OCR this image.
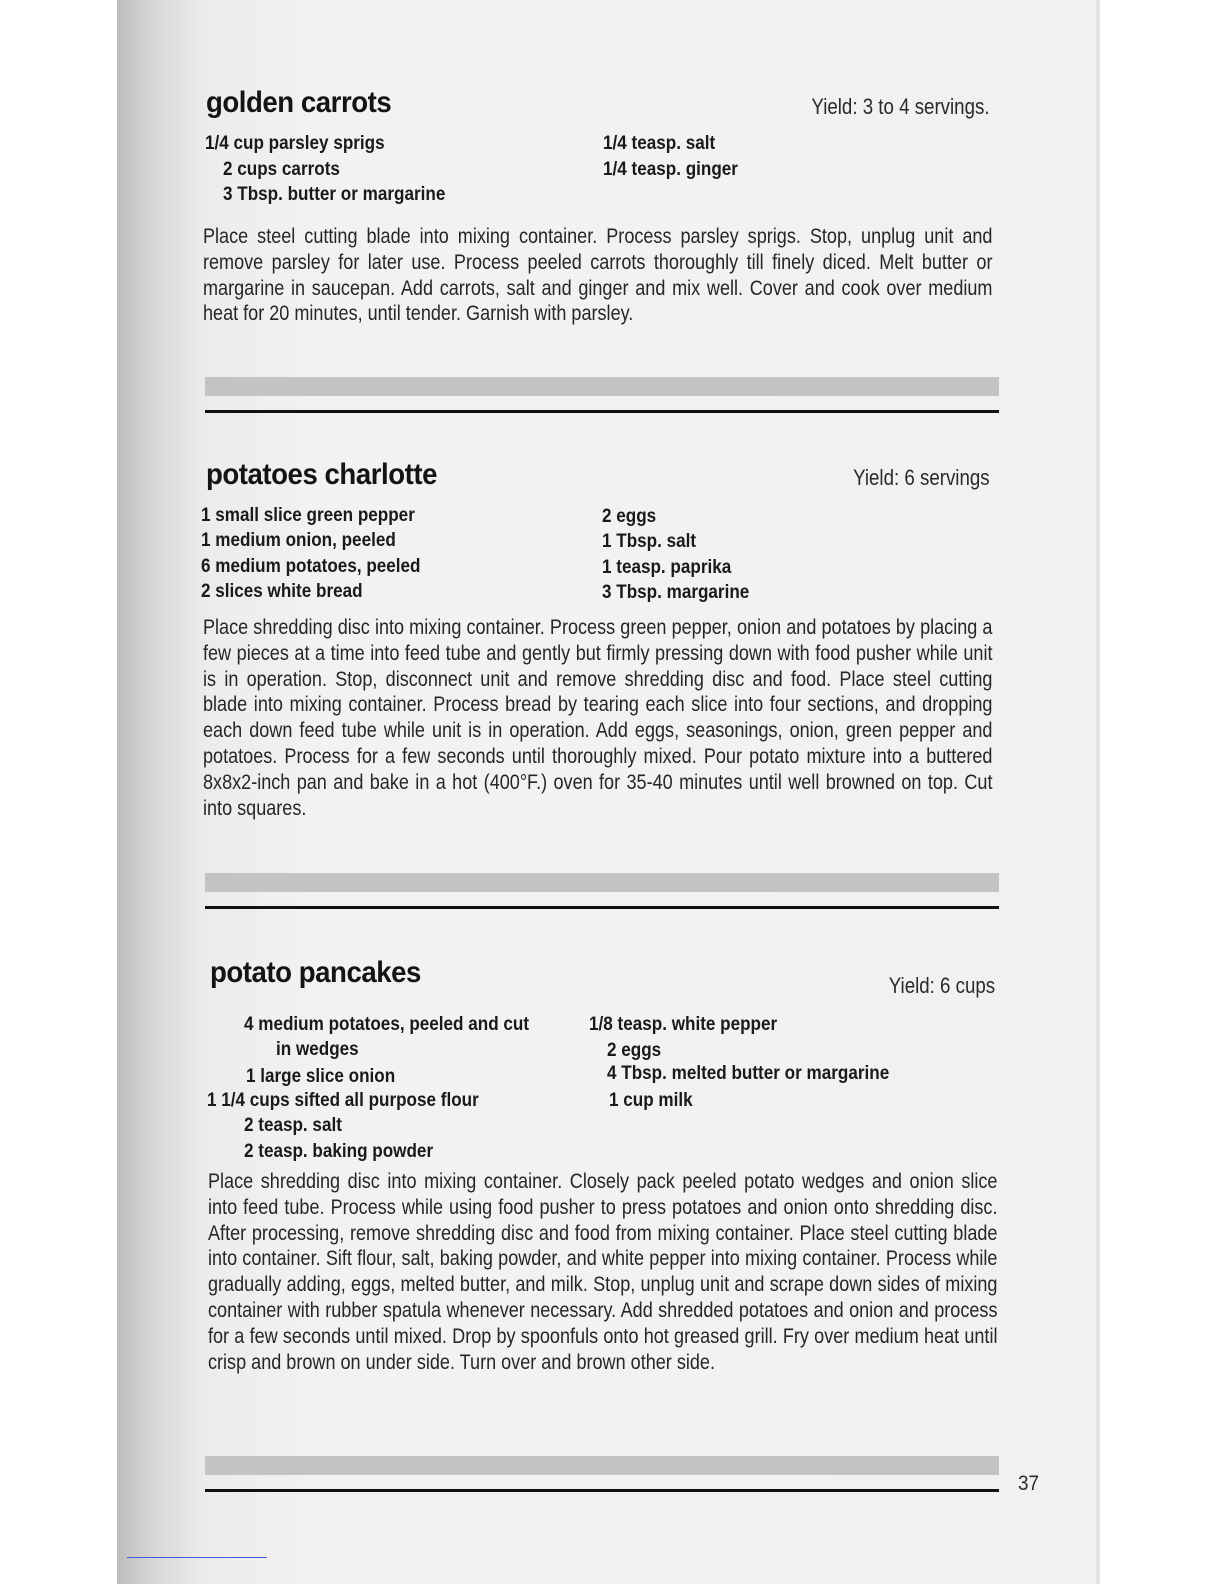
golden carrots	Yield: 3 to 4 servings.
1/4 cup parsley sprigs
2 cups carrots
3 Tbsp. butter or margarine
1/4 teasp. salt
1/4 teasp. ginger
Place steel cutting blade into mixing container. Process parsley sprigs. Stop, unplug unit and remove parsley for later use. Process peeled carrots thoroughly till finely diced. Melt butter or margarine in saucepan. Add carrots, salt and ginger and mix well. Cover and cook over medium heat for 20 minutes, until tender. Garnish with parsley.
potatoes charlotte	Yield: 6 servings
1 small slice green pepper
1 medium onion, peeled
6 medium potatoes, peeled
2 slices white bread
2 eggs
1 Tbsp. salt
1 teasp. paprika
3 Tbsp. margarine
Place shredding disc into mixing container. Process green pepper, onion and potatoes by placing a few pieces at a time into feed tube and gently but firmly pressing down with food pusher while unit is in operation. Stop, disconnect unit and remove shredding disc and food. Place steel cutting blade into mixing container. Process bread by tearing each slice into four sections, and dropping each down feed tube while unit is in operation. Add eggs, seasonings, onion, green pepper and potatoes. Process for a few seconds until thoroughly mixed. Pour potato mixture into a buttered 8x8x2-inch pan and bake in a hot (400°F.) oven for 35-40 minutes until well browned on top. Cut into squares.
potato pancakes	Yield: 6 cups
4 medium potatoes, peeled and cut
in wedges
1 large slice onion
1 1/4 cups sifted all purpose flour
2 teasp. salt
2 teasp. baking powder
1/8 teasp. white pepper
2 eggs
4 Tbsp. melted butter or margarine
1 cup milk
Place shredding disc into mixing container. Closely pack peeled potato wedges and onion slice into feed tube. Process while using food pusher to press potatoes and onion onto shredding disc. After processing, remove shredding disc and food from mixing container. Place steel cutting blade into container. Sift flour, salt, baking powder, and white pepper into mixing container. Process while gradually adding, eggs, melted butter, and milk. Stop, unplug unit and scrape down sides of mixing container with rubber spatula whenever necessary. Add shredded potatoes and onion and process for a few seconds until mixed. Drop by spoonfuls onto hot greased grill. Fry over medium heat until crisp and brown on under side. Turn over and brown other side.
37
